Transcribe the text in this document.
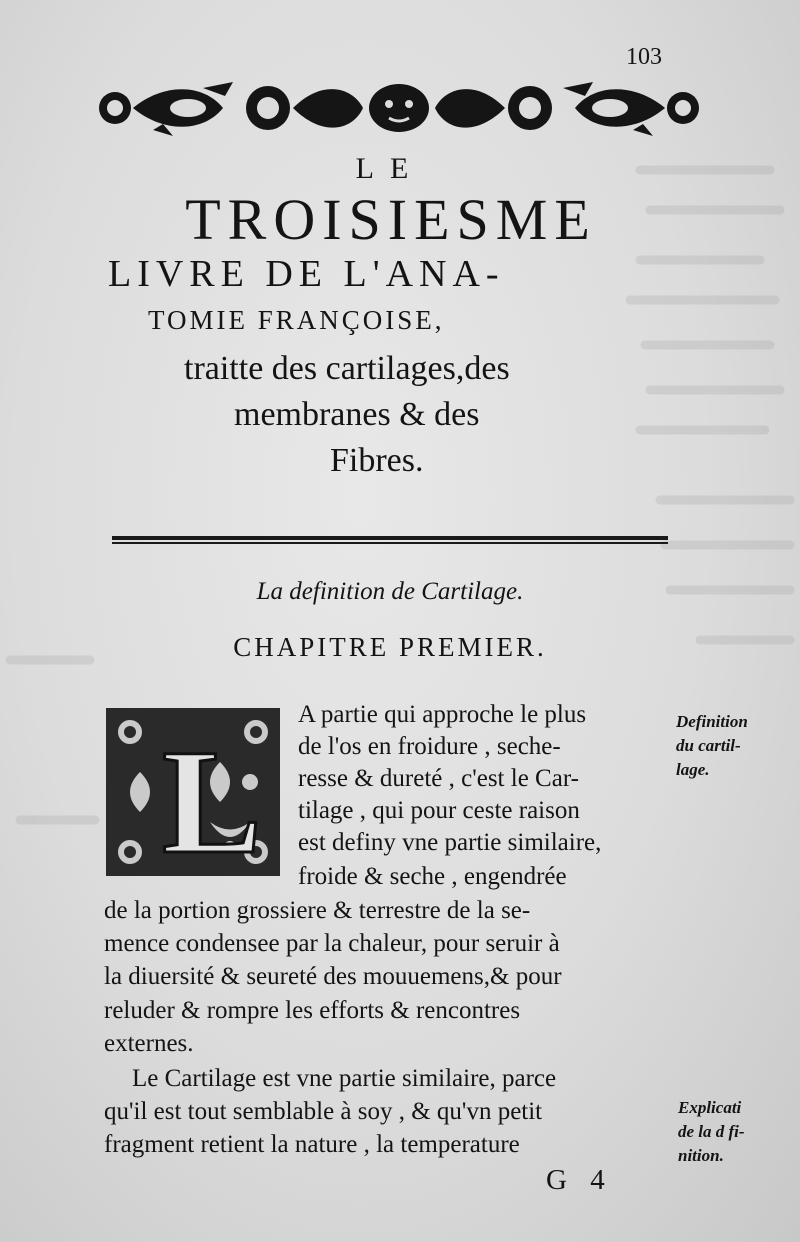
103
LE
TROISIESME
LIVRE DE L'ANA-
TOMIE FRANÇOISE,
traitte des cartilages,des
membranes & des
Fibres.
La definition de Cartilage.
CHAPITRE PREMIER.
L
A partie qui approche le plus
de l'os en froidure , seche-
resse & dureté , c'est le Car-
tilage , qui pour ceste raison
est definy vne partie similaire,
froide & seche , engendrée
de la portion grossiere & terrestre de la se-
mence condensee par la chaleur, pour seruir à
la diuersité & seureté des mouuemens,& pour
reluder & rompre les efforts & rencontres
externes.
Le Cartilage est vne partie similaire, parce
qu'il est tout semblable à soy , & qu'vn petit
fragment retient la nature , la temperature
Definition
du cartil-
lage.
Explicati
de la d fi-
nition.
G 4
